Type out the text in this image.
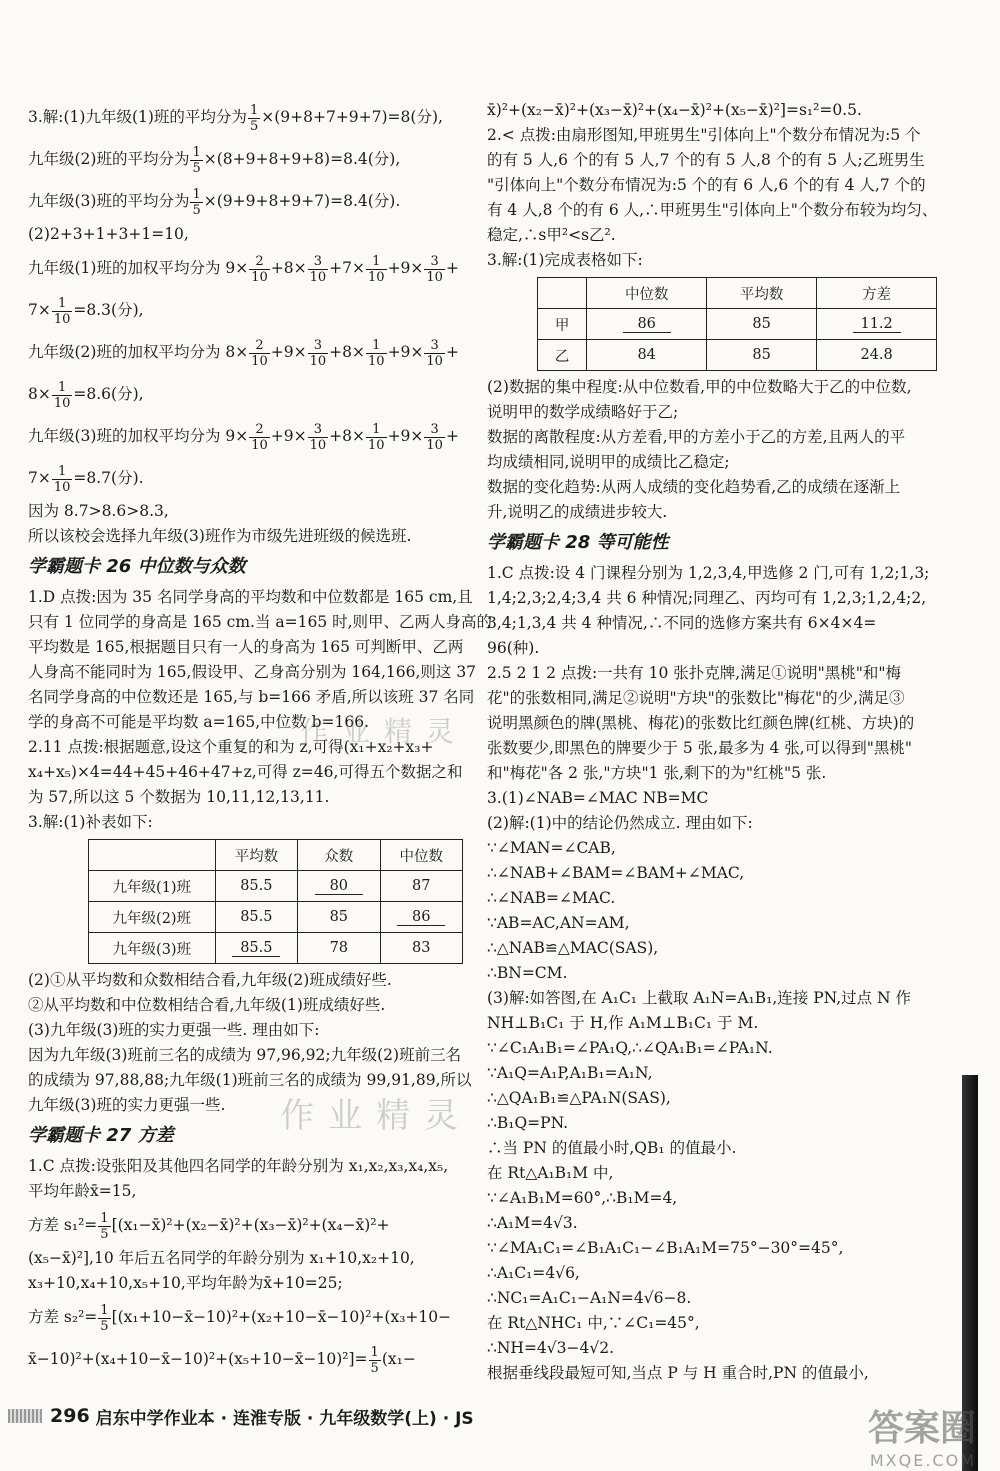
3.解:(1)九年级(1)班的平均分为 $\frac{1}{5} \times(9+8+7+9+7)=8$(分),
九年级(2)班的平均分为 $\frac{1}{5} \times(8+9+8+9+8)=8.4$(分),
九年级(3)班的平均分为 $\frac{1}{5} \times(9+9+8+9+7)=8.4$(分).
(2)2+3+1+3+1=10,
九年级(1)班的加权平均分为 $9\times \frac{2}{10} +8\times \frac{3}{10} +7\times \frac{1}{10} +9\times \frac{3}{10}$ +
$7\times \frac{1}{10} =8.3$(分),
九年级(2)班的加权平均分为 $8\times \frac{2}{10} +9\times \frac{3}{10} +8\times \frac{1}{10} +9\times \frac{3}{10}$ +
$8\times \frac{1}{10} =8.6$(分),
九年级(3)班的加权平均分为 $9\times \frac{2}{10} +9\times \frac{3}{10} +8\times \frac{1}{10} +9\times \frac{3}{10}$ +
$7\times \frac{1}{10} =8.7$(分).
因为 8.7>8.6>8.3,
所以该校会选择九年级(3)班作为市级先进班级的候选班.
学霸题卡 26 中位数与众数
1.D 点拨:因为 35 名同学身高的平均数和中位数都是 165 cm,且
只有 1 位同学的身高是 165 cm.当 a=165 时,则甲、乙两人身高的
平均数是 165,根据题目只有一人的身高为 165 可判断甲、乙两
人身高不能同时为 165,假设甲、乙身高分别为 164,166,则这 37
名同学身高的中位数还是 165,与 b=166 矛盾,所以该班 37 名同
学的身高不可能是平均数 a=165,中位数 b=166.
2.11 点拨:根据题意,设这个重复的和为 z,可得(x₁+x₂+x₃+
x₄+x₅)×4=44+45+46+47+z,可得 z=46,可得五个数据之和
为 57,所以这 5 个数据为 10,11,12,13,11.
3.解:(1)补表如下:
	平均数	众数	中位数
九年级(1)班	85.5	80	87
九年级(2)班	85.5	85	86
九年级(3)班	85.5	78	83
(2)①从平均数和众数相结合看,九年级(2)班成绩好些.
②从平均数和中位数相结合看,九年级(1)班成绩好些.
(3)九年级(3)班的实力更强一些. 理由如下:
因为九年级(3)班前三名的成绩为 97,96,92;九年级(2)班前三名
的成绩为 97,88,88;九年级(1)班前三名的成绩为 99,91,89,所以
九年级(3)班的实力更强一些.
学霸题卡 27 方差
1.C 点拨:设张阳及其他四名同学的年龄分别为 x₁,x₂,x₃,x₄,x₅,
平均年龄x̄=15,
方差 $s_1^2= \frac{1}{5}$ [(x₁−x̄)²+(x₂−x̄)²+(x₃−x̄)²+(x₄−x̄)²+
(x₅−x̄)²],10 年后五名同学的年龄分别为 x₁+10,x₂+10,
x₃+10,x₄+10,x₅+10,平均年龄为x̄+10=25;
方差 $s_2^2= \frac{1}{5}$ [(x₁+10−x̄−10)²+(x₂+10−x̄−10)²+(x₃+10−
x̄−10)²+(x₄+10−x̄−10)²+(x₅+10−x̄−10)²]= $\frac{1}{5} (x_1-$
x̄)²+(x₂−x̄)²+(x₃−x̄)²+(x₄−x̄)²+(x₅−x̄)²]=s₁²=0.5.
2.< 点拨:由扇形图知,甲班男生"引体向上"个数分布情况为:5 个
的有 5 人,6 个的有 5 人,7 个的有 5 人,8 个的有 5 人;乙班男生
"引体向上"个数分布情况为:5 个的有 6 人,6 个的有 4 人,7 个的
有 4 人,8 个的有 6 人,∴甲班男生"引体向上"个数分布较为均匀、
稳定,∴s甲²<s乙².
3.解:(1)完成表格如下:
	中位数	平均数	方差
甲	86	85	11.2
乙	84	85	24.8
(2)数据的集中程度:从中位数看,甲的中位数略大于乙的中位数,
说明甲的数学成绩略好于乙;
数据的离散程度:从方差看,甲的方差小于乙的方差,且两人的平
均成绩相同,说明甲的成绩比乙稳定;
数据的变化趋势:从两人成绩的变化趋势看,乙的成绩在逐渐上
升,说明乙的成绩进步较大.
学霸题卡 28 等可能性
1.C 点拨:设 4 门课程分别为 1,2,3,4,甲选修 2 门,可有 1,2;1,3;
1,4;2,3;2,4;3,4 共 6 种情况;同理乙、丙均可有 1,2,3;1,2,4;2,
3,4;1,3,4 共 4 种情况,∴不同的选修方案共有 6×4×4=
96(种).
2.5 2 1 2 点拨:一共有 10 张扑克牌,满足①说明"黑桃"和"梅
花"的张数相同,满足②说明"方块"的张数比"梅花"的少,满足③
说明黑颜色的牌(黑桃、梅花)的张数比红颜色牌(红桃、方块)的
张数要少,即黑色的牌要少于 5 张,最多为 4 张,可以得到"黑桃"
和"梅花"各 2 张,"方块"1 张,剩下的为"红桃"5 张.
3.(1)∠NAB=∠MAC NB=MC
(2)解:(1)中的结论仍然成立. 理由如下:
∵∠MAN=∠CAB,
∴∠NAB+∠BAM=∠BAM+∠MAC,
∴∠NAB=∠MAC.
∵AB=AC,AN=AM,
∴△NAB≌△MAC(SAS),
∴BN=CM.
(3)解:如答图,在 A₁C₁ 上截取 A₁N=A₁B₁,连接 PN,过点 N 作
NH⊥B₁C₁ 于 H,作 A₁M⊥B₁C₁ 于 M.
∵∠C₁A₁B₁=∠PA₁Q,∴∠QA₁B₁=∠PA₁N.
∵A₁Q=A₁P,A₁B₁=A₁N,
∴△QA₁B₁≌△PA₁N(SAS),
∴B₁Q=PN.
∴当 PN 的值最小时,QB₁ 的值最小.
在 Rt△A₁B₁M 中,
∵∠A₁B₁M=60°,∴B₁M=4,
∴A₁M=4√3.
∵∠MA₁C₁=∠B₁A₁C₁−∠B₁A₁M=75°−30°=45°,
∴A₁C₁=4√6,
∴NC₁=A₁C₁−A₁N=4√6−8.
在 Rt△NHC₁ 中,∵∠C₁=45°,
∴NH=4√3−4√2.
根据垂线段最短可知,当点 P 与 H 重合时,PN 的值最小,
作业精灵
作业精灵
296 启东中学作业本 · 连淮专版 · 九年级数学(上) · JS	答案圈
MXQE.COM
